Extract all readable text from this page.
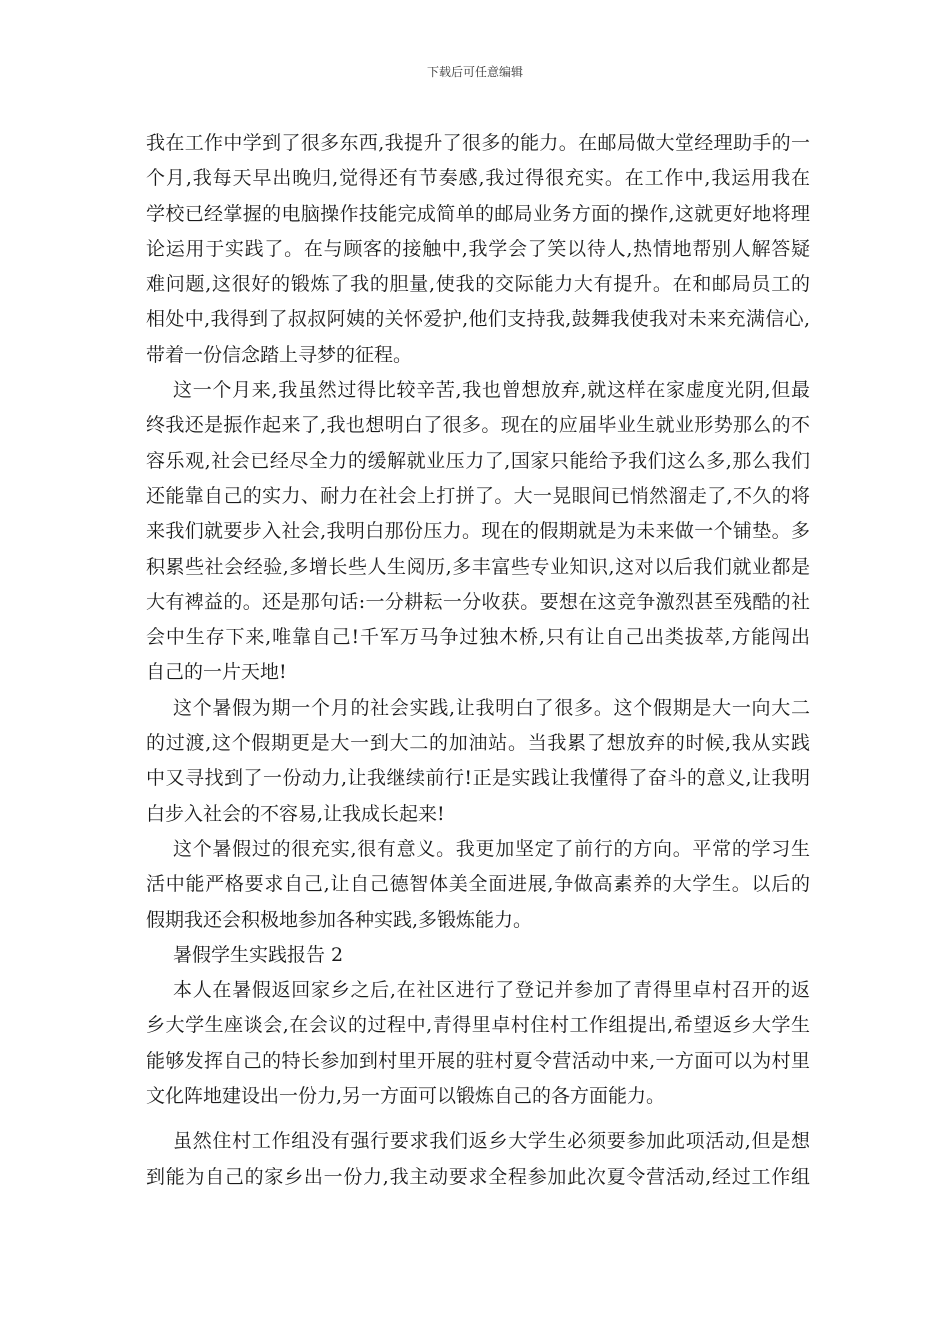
下载后可任意编辑
我在工作中学到了很多东西,我提升了很多的能力。在邮局做大堂经理助手的一
个月,我每天早出晚归,觉得还有节奏感,我过得很充实。在工作中,我运用我在
学校已经掌握的电脑操作技能完成简单的邮局业务方面的操作,这就更好地将理
论运用于实践了。在与顾客的接触中,我学会了笑以待人,热情地帮别人解答疑
难问题,这很好的锻炼了我的胆量,使我的交际能力大有提升。在和邮局员工的
相处中,我得到了叔叔阿姨的关怀爱护,他们支持我,鼓舞我使我对未来充满信心,
带着一份信念踏上寻梦的征程。
这一个月来,我虽然过得比较辛苦,我也曾想放弃,就这样在家虚度光阴,但最
终我还是振作起来了,我也想明白了很多。现在的应届毕业生就业形势那么的不
容乐观,社会已经尽全力的缓解就业压力了,国家只能给予我们这么多,那么我们
还能靠自己的实力、耐力在社会上打拼了。大一晃眼间已悄然溜走了,不久的将
来我们就要步入社会,我明白那份压力。现在的假期就是为未来做一个铺垫。多
积累些社会经验,多增长些人生阅历,多丰富些专业知识,这对以后我们就业都是
大有裨益的。还是那句话:一分耕耘一分收获。要想在这竞争激烈甚至残酷的社
会中生存下来,唯靠自己!千军万马争过独木桥,只有让自己出类拔萃,方能闯出
自己的一片天地!
这个暑假为期一个月的社会实践,让我明白了很多。这个假期是大一向大二
的过渡,这个假期更是大一到大二的加油站。当我累了想放弃的时候,我从实践
中又寻找到了一份动力,让我继续前行!正是实践让我懂得了奋斗的意义,让我明
白步入社会的不容易,让我成长起来!
这个暑假过的很充实,很有意义。我更加坚定了前行的方向。平常的学习生
活中能严格要求自己,让自己德智体美全面进展,争做高素养的大学生。以后的
假期我还会积极地参加各种实践,多锻炼能力。
暑假学生实践报告 2
本人在暑假返回家乡之后,在社区进行了登记并参加了青得里卓村召开的返
乡大学生座谈会,在会议的过程中,青得里卓村住村工作组提出,希望返乡大学生
能够发挥自己的特长参加到村里开展的驻村夏令营活动中来,一方面可以为村里
文化阵地建设出一份力,另一方面可以锻炼自己的各方面能力。
虽然住村工作组没有强行要求我们返乡大学生必须要参加此项活动,但是想
到能为自己的家乡出一份力,我主动要求全程参加此次夏令营活动,经过工作组
